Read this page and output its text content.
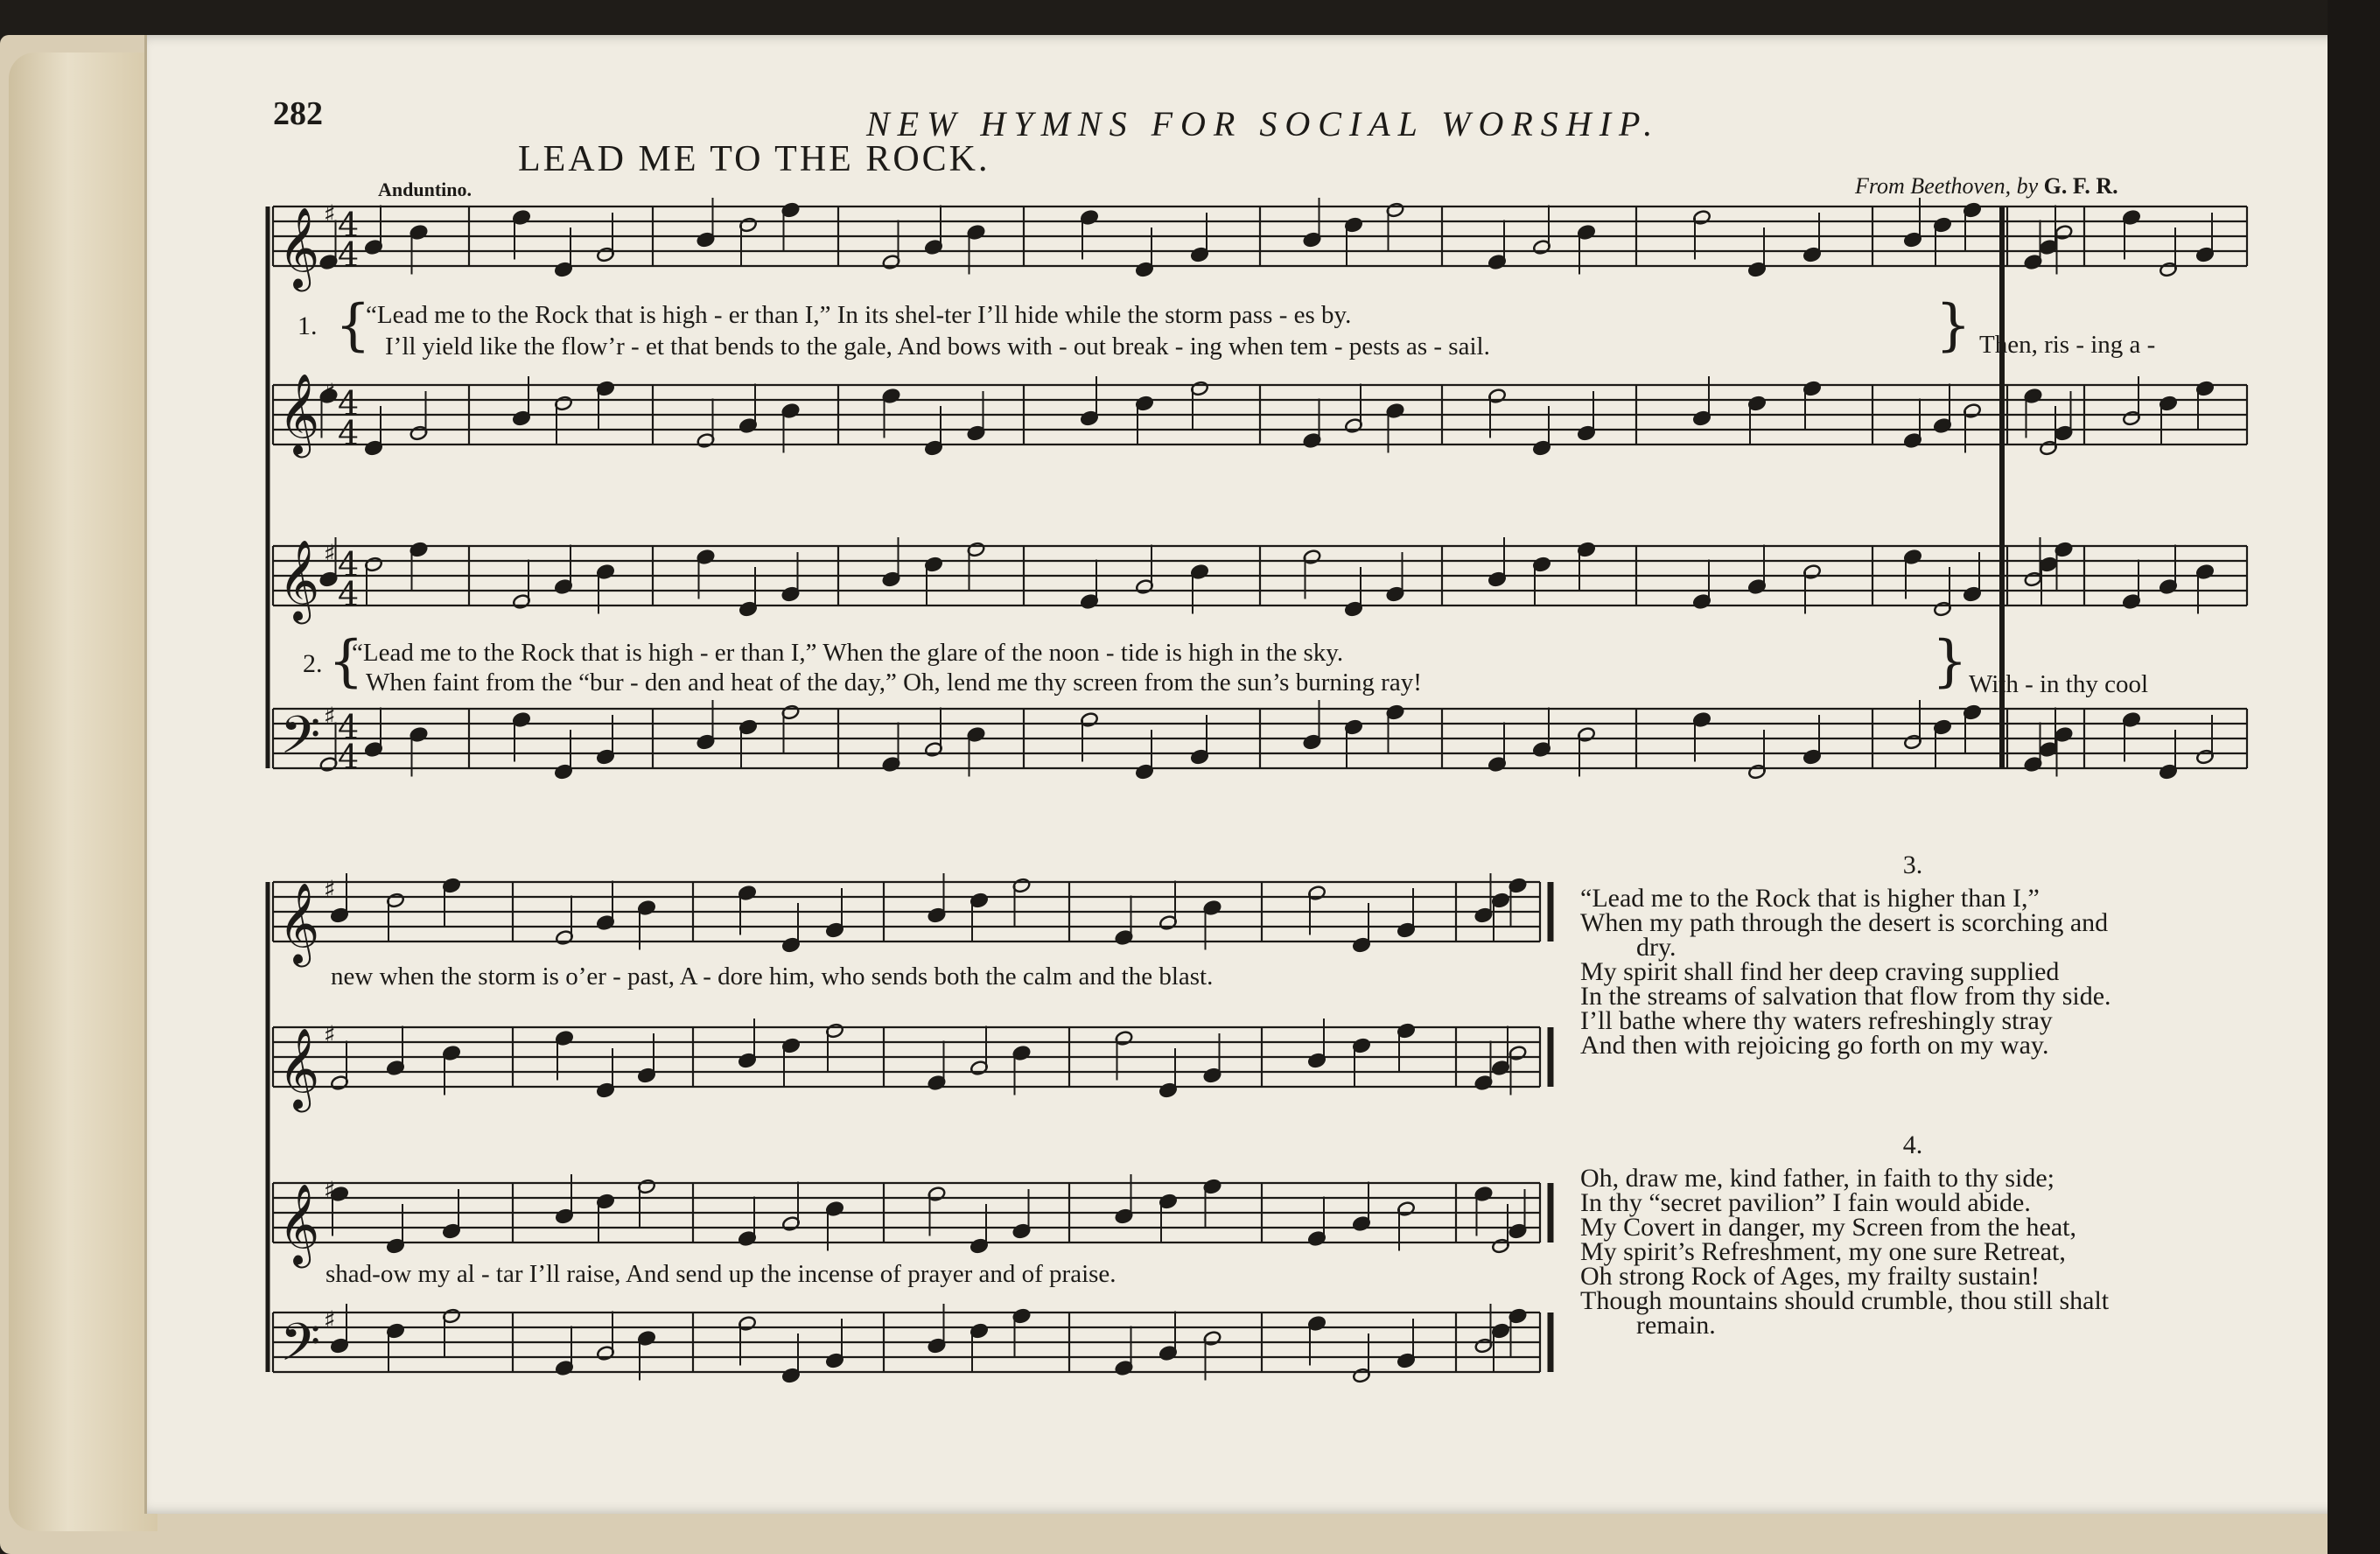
282	NEW HYMNS FOR SOCIAL WORSHIP.
LEAD ME TO THE ROCK.
From Beethoven, by G. F. R.
Anduntino.
𝄞
𝄞
𝄞
𝄢
4
4
♯
4
4
♯
4
4
♯
4
4
♯
𝄞
𝄞
𝄞
𝄢
♯
♯
♯
♯
1. {
“Lead me to the Rock that is high - er than I,” In its shel-ter I’ll hide while the storm pass - es by.
I’ll yield like the flow’r - et that bends to the gale, And bows with - out break - ing when tem - pests as - sail.	} Then, ris - ing a -
2. {
“Lead me to the Rock that is high - er than I,” When the glare of the noon - tide is high in the sky.
When faint from the “bur - den and heat of the day,” Oh, lend me thy screen from the sun’s burning ray!	} With - in thy cool
new when the storm is o’er - past, A - dore him, who sends both the calm and the blast.
shad-ow my al - tar I’ll raise, And send up the incense of prayer and of praise.
3.
“Lead me to the Rock that is higher than I,”
When my path through the desert is scorching and
dry.
My spirit shall find her deep craving supplied
In the streams of salvation that flow from thy side.
I’ll bathe where thy waters refreshingly stray
And then with rejoicing go forth on my way.
4.
Oh, draw me, kind father, in faith to thy side;
In thy “secret pavilion” I fain would abide.
My Covert in danger, my Screen from the heat,
My spirit’s Refreshment, my one sure Retreat,
Oh strong Rock of Ages, my frailty sustain!
Though mountains should crumble, thou still shalt
remain.
